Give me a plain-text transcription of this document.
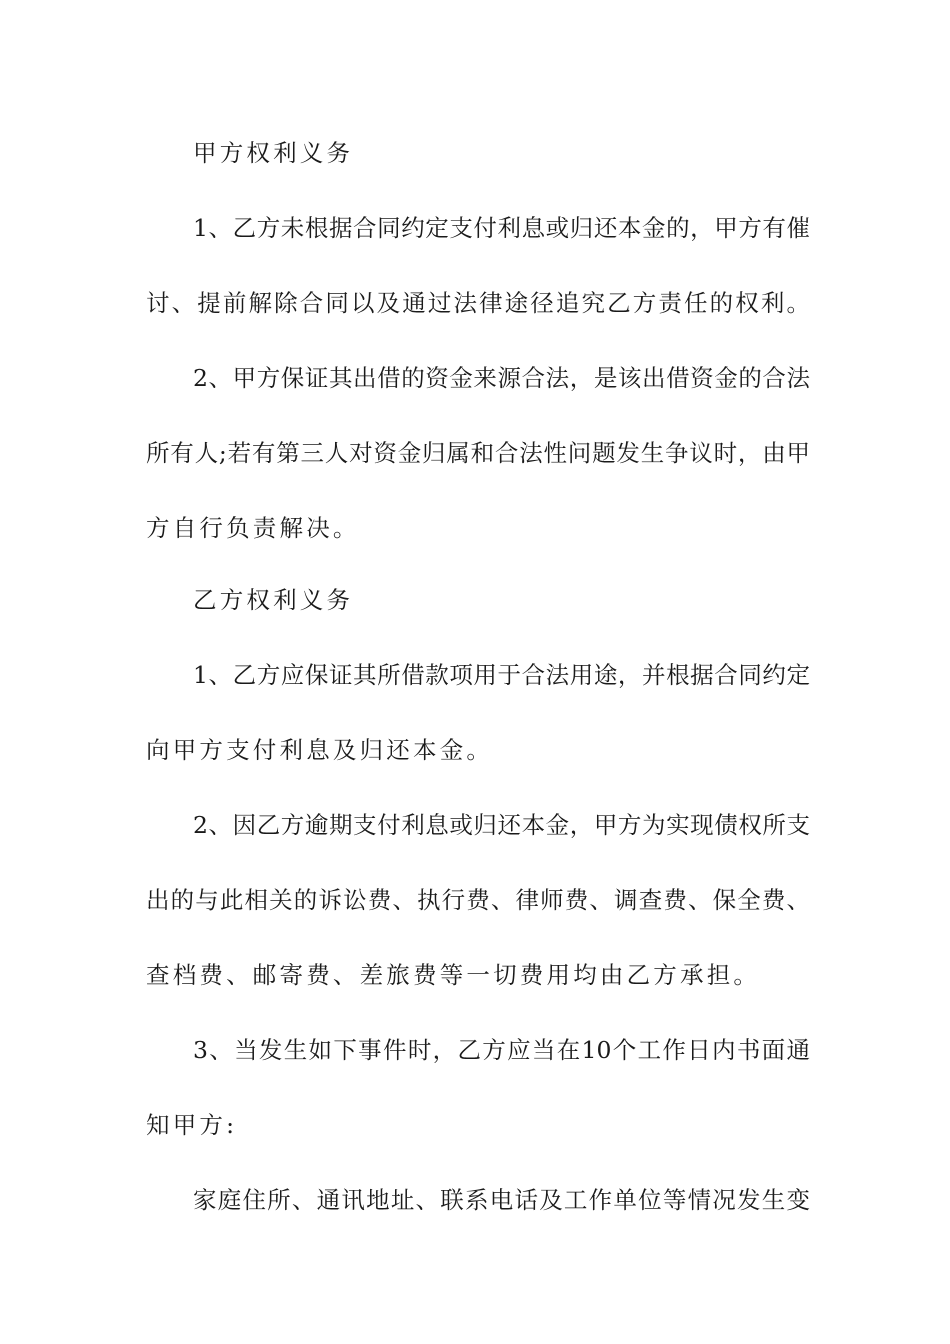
甲方权利义务

1、乙方未根据合同约定支付利息或归还本金的，甲方有催

讨、提前解除合同以及通过法律途径追究乙方责任的权利。

2、甲方保证其出借的资金来源合法，是该出借资金的合法

所有人;若有第三人对资金归属和合法性问题发生争议时，由甲

方自行负责解决。

乙方权利义务

1、乙方应保证其所借款项用于合法用途，并根据合同约定

向甲方支付利息及归还本金。

2、因乙方逾期支付利息或归还本金，甲方为实现债权所支

出的与此相关的诉讼费、执行费、律师费、调查费、保全费、

查档费、邮寄费、差旅费等一切费用均由乙方承担。

3、当发生如下事件时，乙方应当在10个工作日内书面通

知甲方:

家庭住所、通讯地址、联系电话及工作单位等情况发生变
